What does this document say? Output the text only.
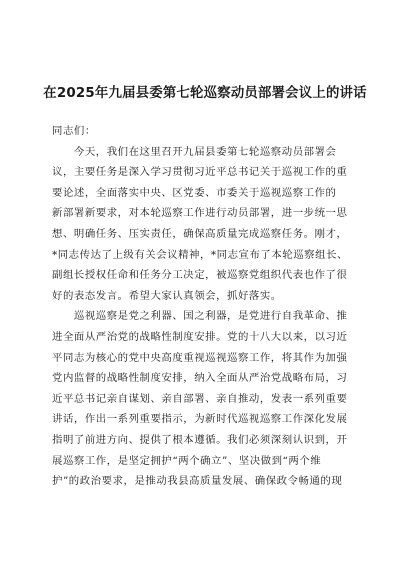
在2025年九届县委第七轮巡察动员部署会议上的讲话
同志们：
　　今天，我们在这里召开九届县委第七轮巡察动员部署会
议，主要任务是深入学习贯彻习近平总书记关于巡视工作的重
要论述，全面落实中央、区党委、市委关于巡视巡察工作的
新部署新要求，对本轮巡察工作进行动员部署，进一步统一思
想、明确任务、压实责任，确保高质量完成巡察任务。刚才，
*同志传达了上级有关会议精神，*同志宣布了本轮巡察组长、
副组长授权任命和任务分工决定，被巡察党组织代表也作了很
好的表态发言。希望大家认真领会，抓好落实。
　　巡视巡察是党之利器、国之利器，是党进行自我革命、推
进全面从严治党的战略性制度安排。党的十八大以来，以习近
平同志为核心的党中央高度重视巡视巡察工作，将其作为加强
党内监督的战略性制度安排，纳入全面从严治党战略布局，习
近平总书记亲自谋划、亲自部署、亲自推动，发表一系列重要
讲话，作出一系列重要指示，为新时代巡视巡察工作深化发展
指明了前进方向、提供了根本遵循。我们必须深刻认识到，开
展巡察工作，是坚定拥护“两个确立”、坚决做到“两个维
护”的政治要求，是推动我县高质量发展、确保政令畅通的现
